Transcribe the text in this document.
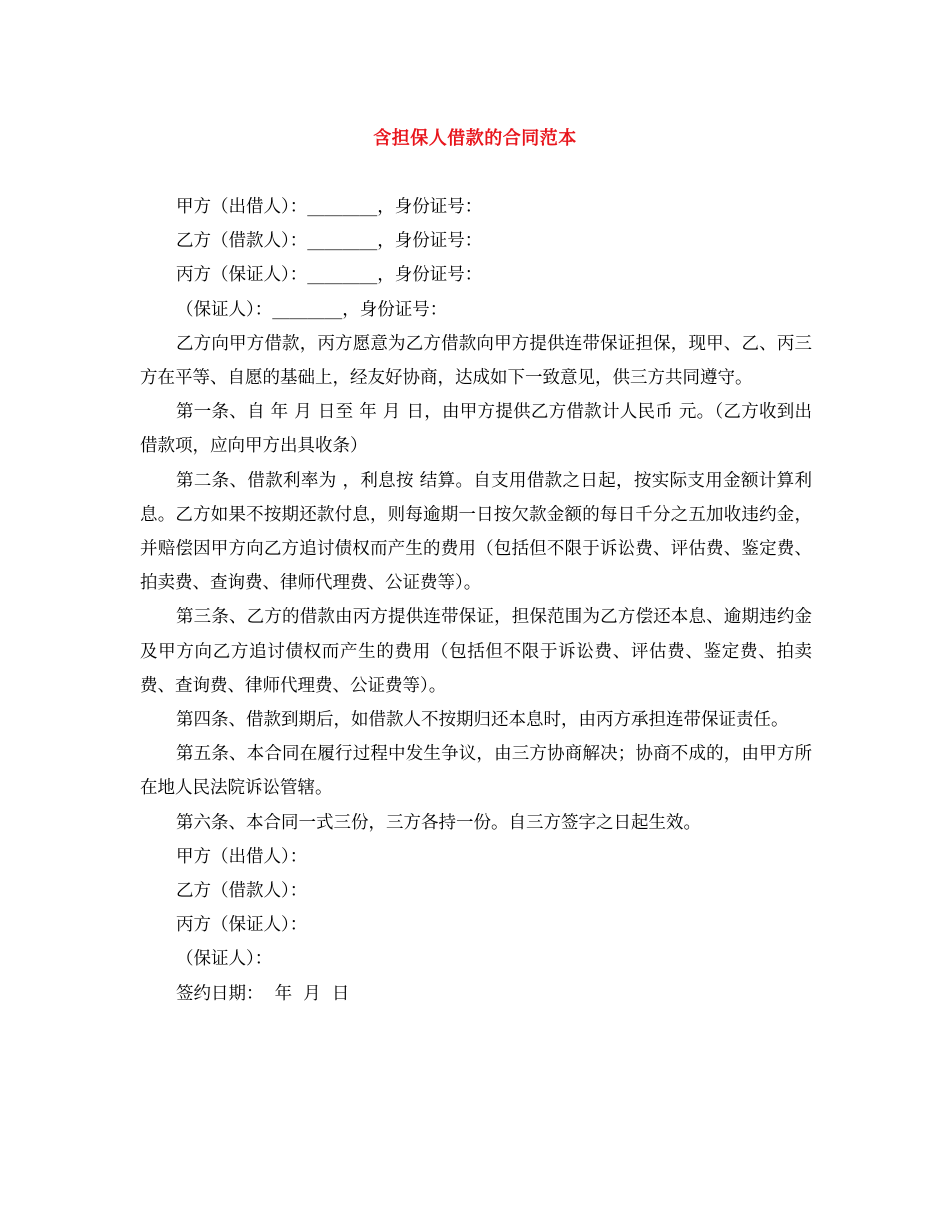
含担保人借款的合同范本

甲方（出借人）：________，身份证号：

乙方（借款人）：________，身份证号：

丙方（保证人）：________，身份证号：

（保证人）：________，身份证号：

乙方向甲方借款，丙方愿意为乙方借款向甲方提供连带保证担保，现甲、乙、丙三方在平等、自愿的基础上，经友好协商，达成如下一致意见，供三方共同遵守。

第一条、自 年 月 日至 年 月 日，由甲方提供乙方借款计人民币 元。（乙方收到出借款项，应向甲方出具收条）

第二条、借款利率为 ，利息按 结算。自支用借款之日起，按实际支用金额计算利息。乙方如果不按期还款付息，则每逾期一日按欠款金额的每日千分之五加收违约金，并赔偿因甲方向乙方追讨债权而产生的费用（包括但不限于诉讼费、评估费、鉴定费、拍卖费、查询费、律师代理费、公证费等）。

第三条、乙方的借款由丙方提供连带保证，担保范围为乙方偿还本息、逾期违约金及甲方向乙方追讨债权而产生的费用（包括但不限于诉讼费、评估费、鉴定费、拍卖费、查询费、律师代理费、公证费等）。

第四条、借款到期后，如借款人不按期归还本息时，由丙方承担连带保证责任。

第五条、本合同在履行过程中发生争议，由三方协商解决；协商不成的，由甲方所在地人民法院诉讼管辖。

第六条、本合同一式三份，三方各持一份。自三方签字之日起生效。

甲方（出借人）：

乙方（借款人）：

丙方（保证人）：

（保证人）：

签约日期：  年  月  日
